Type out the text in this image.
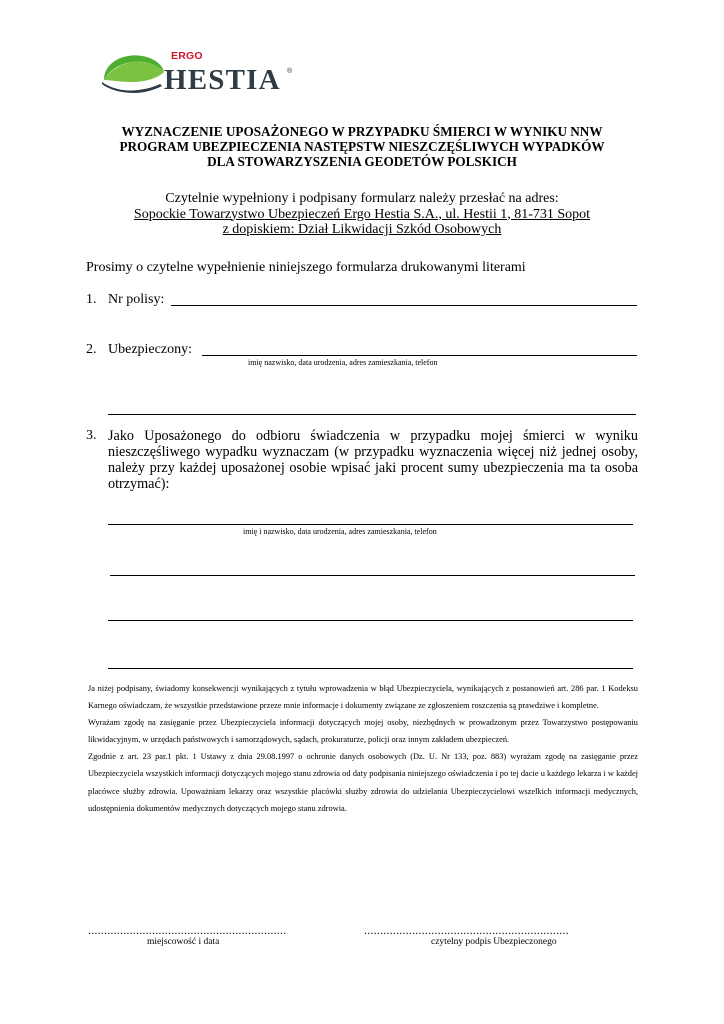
ERGO
HESTIA ®
WYZNACZENIE UPOSAŻONEGO W PRZYPADKU ŚMIERCI W WYNIKU NNW
PROGRAM UBEZPIECZENIA NASTĘPSTW NIESZCZĘŚLIWYCH WYPADKÓW
DLA STOWARZYSZENIA GEODETÓW POLSKICH
Czytelnie wypełniony i podpisany formularz należy przesłać na adres:
Sopockie Towarzystwo Ubezpieczeń Ergo Hestia S.A., ul. Hestii 1, 81-731 Sopot
z dopiskiem: Dział Likwidacji Szkód Osobowych
Prosimy o czytelne wypełnienie niniejszego formularza drukowanymi literami
1. Nr polisy:
2. Ubezpieczony:
imię nazwisko, data urodzenia, adres zamieszkania, telefon
3. Jako Uposażonego do odbioru świadczenia w przypadku mojej śmierci w wyniku nieszczęśliwego wypadku wyznaczam (w przypadku wyznaczenia więcej niż jednej osoby, należy przy każdej uposażonej osobie wpisać jaki procent sumy ubezpieczenia ma ta osoba otrzymać):
imię i nazwisko, data urodzenia, adres zamieszkania, telefon

Ja niżej podpisany, świadomy konsekwencji wynikających z tytułu wprowadzenia w błąd Ubezpieczyciela, wynikających z postanowień art. 286 par. 1 Kodeksu Karnego oświadczam, że wszystkie przedstawione przeze mnie informacje i dokumenty związane ze zgłoszeniem roszczenia są prawdziwe i kompletne.

Wyrażam zgodę na zasięganie przez Ubezpieczyciela informacji dotyczących mojej osoby, niezbędnych w prowadzonym przez Towarzystwo postępowaniu likwidacyjnym, w urzędach państwowych i samorządowych, sądach, prokuraturze, policji oraz innym zakładem ubezpieczeń.

Zgodnie z art. 23 par.1 pkt. 1 Ustawy z dnia 29.08.1997 o ochronie danych osobowych (Dz. U. Nr 133, poz. 883) wyrażam zgodę na zasięganie przez Ubezpieczyciela wszystkich informacji dotyczących mojego stanu zdrowia od daty podpisania niniejszego oświadczenia i po tej dacie u każdego lekarza i w każdej placówce służby zdrowia. Upoważniam lekarzy oraz wszystkie placówki służby zdrowia do udzielania Ubezpieczycielowi wszelkich informacji medycznych, udostępnienia dokumentów medycznych dotyczących mojego stanu zdrowia.

..............................................................
miejscowość i data
................................................................
czytelny podpis Ubezpieczonego
